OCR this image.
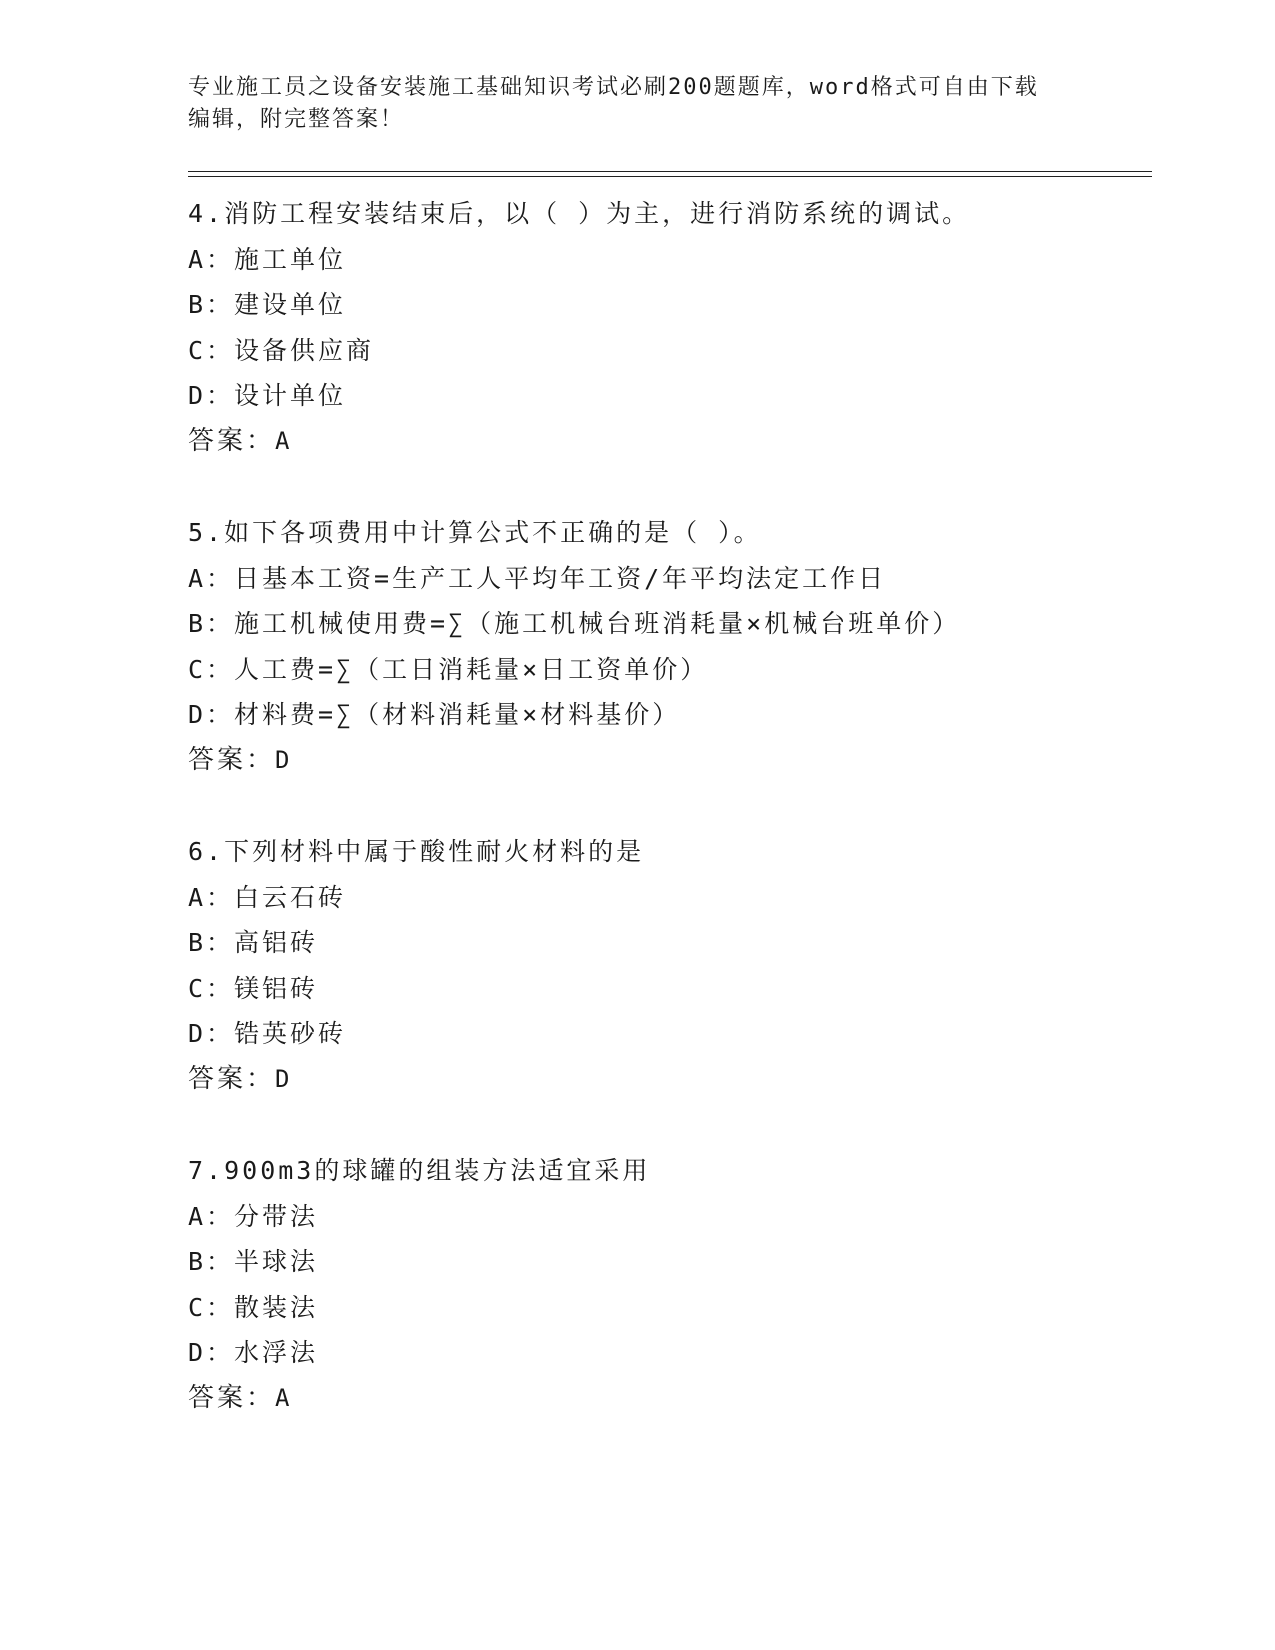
专业施工员之设备安装施工基础知识考试必刷200题题库，word格式可自由下载
编辑，附完整答案！
4.消防工程安装结束后，以（ ）为主，进行消防系统的调试。
A：施工单位
B：建设单位
C：设备供应商
D：设计单位
答案：A
5.如下各项费用中计算公式不正确的是（ ）。
A：日基本工资=生产工人平均年工资/年平均法定工作日
B：施工机械使用费=∑（施工机械台班消耗量×机械台班单价）
C：人工费=∑（工日消耗量×日工资单价）
D：材料费=∑（材料消耗量×材料基价）
答案：D
6.下列材料中属于酸性耐火材料的是
A：白云石砖
B：高铝砖
C：镁铝砖
D：锆英砂砖
答案：D
7.900m3的球罐的组装方法适宜采用
A：分带法
B：半球法
C：散装法
D：水浮法
答案：A
